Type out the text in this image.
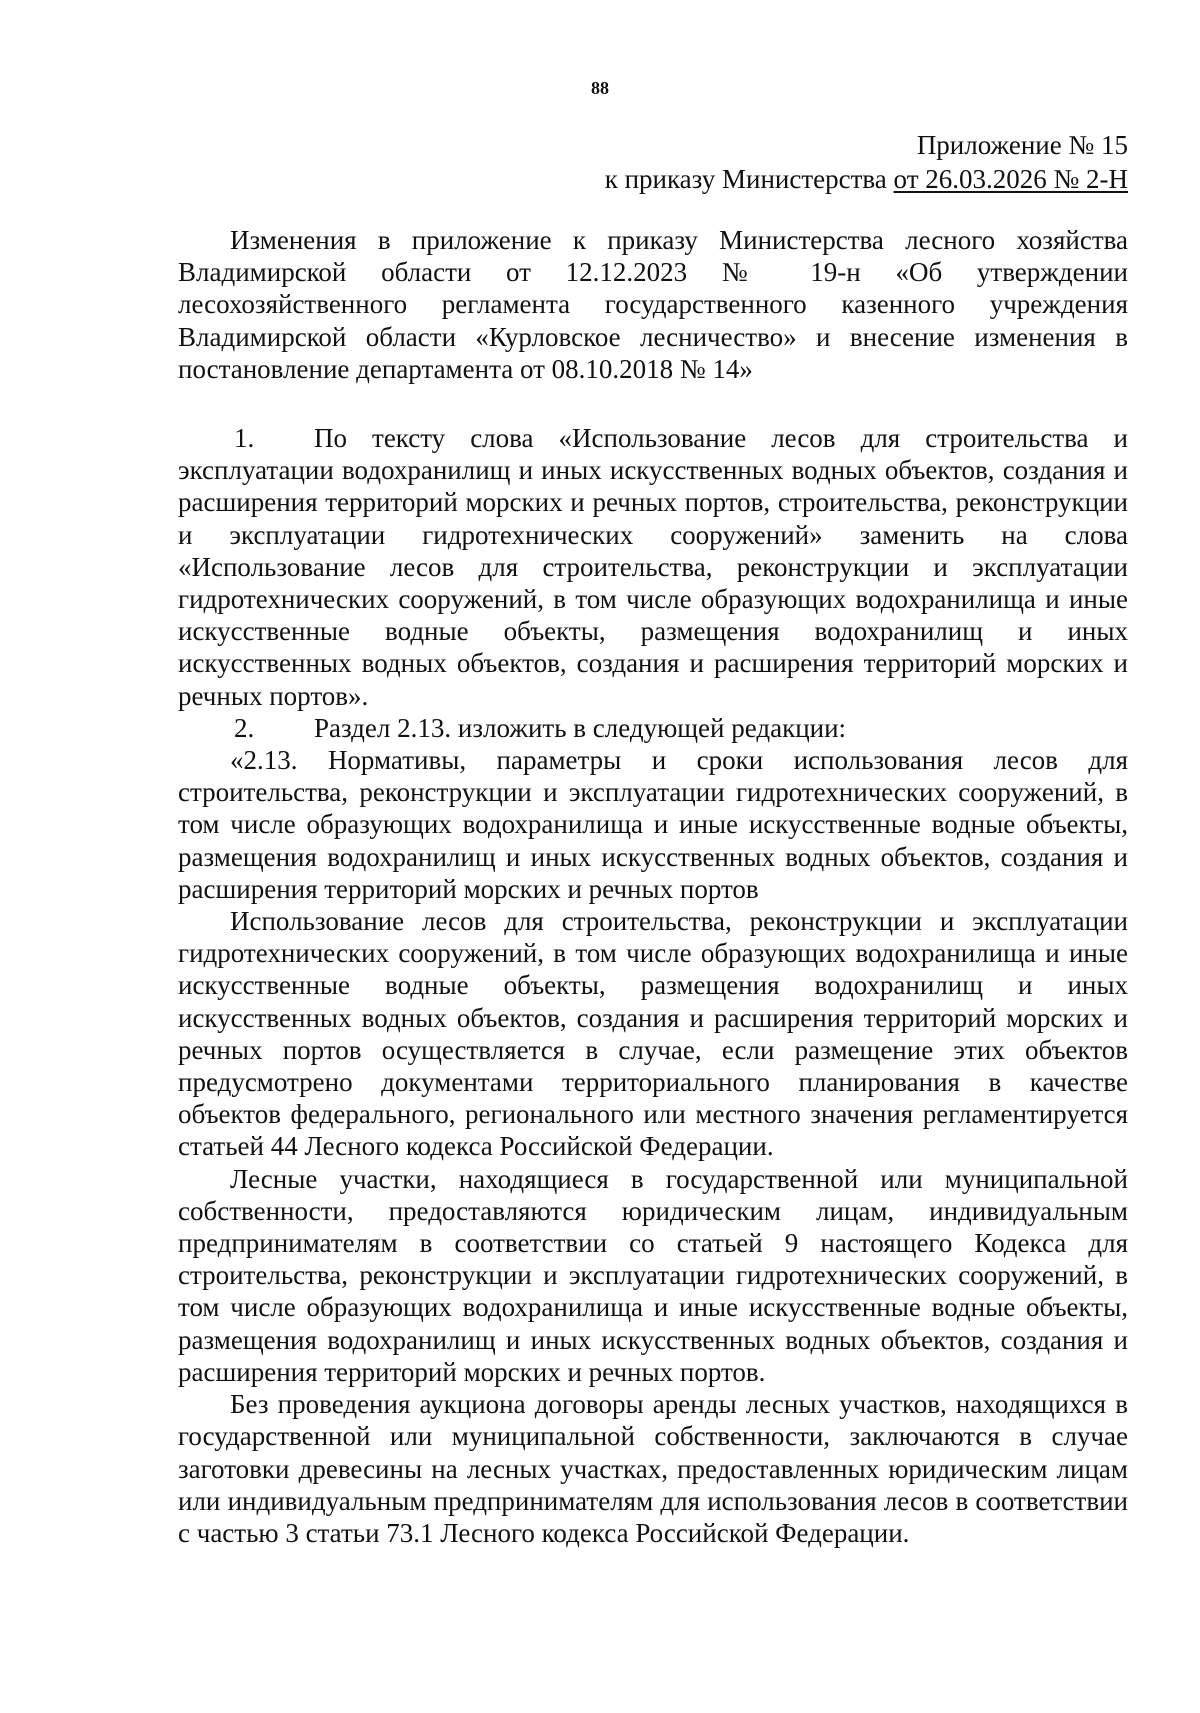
88
Приложение № 15
к приказу Министерства от 26.03.2026 № 2-Н

Изменения в приложение к приказу Министерства лесного хозяйства Владимирской области от 12.12.2023 № 19-н «Об утверждении лесохозяйственного регламента государственного казенного учреждения Владимирской области «Курловское лесничество» и внесение изменения в постановление департамента от 08.10.2018 № 14»

1. По тексту слова «Использование лесов для строительства и эксплуатации водохранилищ и иных искусственных водных объектов, создания и расширения территорий морских и речных портов, строительства, реконструкции и эксплуатации гидротехнических сооружений» заменить на слова «Использование лесов для строительства, реконструкции и эксплуатации гидротехнических сооружений, в том числе образующих водохранилища и иные искусственные водные объекты, размещения водохранилищ и иных искусственных водных объектов, создания и расширения территорий морских и речных портов».

2. Раздел 2.13. изложить в следующей редакции:

«2.13. Нормативы, параметры и сроки использования лесов для строительства, реконструкции и эксплуатации гидротехнических сооружений, в том числе образующих водохранилища и иные искусственные водные объекты, размещения водохранилищ и иных искусственных водных объектов, создания и расширения территорий морских и речных портов

Использование лесов для строительства, реконструкции и эксплуатации гидротехнических сооружений, в том числе образующих водохранилища и иные искусственные водные объекты, размещения водохранилищ и иных искусственных водных объектов, создания и расширения территорий морских и речных портов осуществляется в случае, если размещение этих объектов предусмотрено документами территориального планирования в качестве объектов федерального, регионального или местного значения регламентируется статьей 44 Лесного кодекса Российской Федерации.

Лесные участки, находящиеся в государственной или муниципальной собственности, предоставляются юридическим лицам, индивидуальным предпринимателям в соответствии со статьей 9 настоящего Кодекса для строительства, реконструкции и эксплуатации гидротехнических сооружений, в том числе образующих водохранилища и иные искусственные водные объекты, размещения водохранилищ и иных искусственных водных объектов, создания и расширения территорий морских и речных портов.

Без проведения аукциона договоры аренды лесных участков, находящихся в государственной или муниципальной собственности, заключаются в случае заготовки древесины на лесных участках, предоставленных юридическим лицам или индивидуальным предпринимателям для использования лесов в соответствии с частью 3 статьи 73.1 Лесного кодекса Российской Федерации.
